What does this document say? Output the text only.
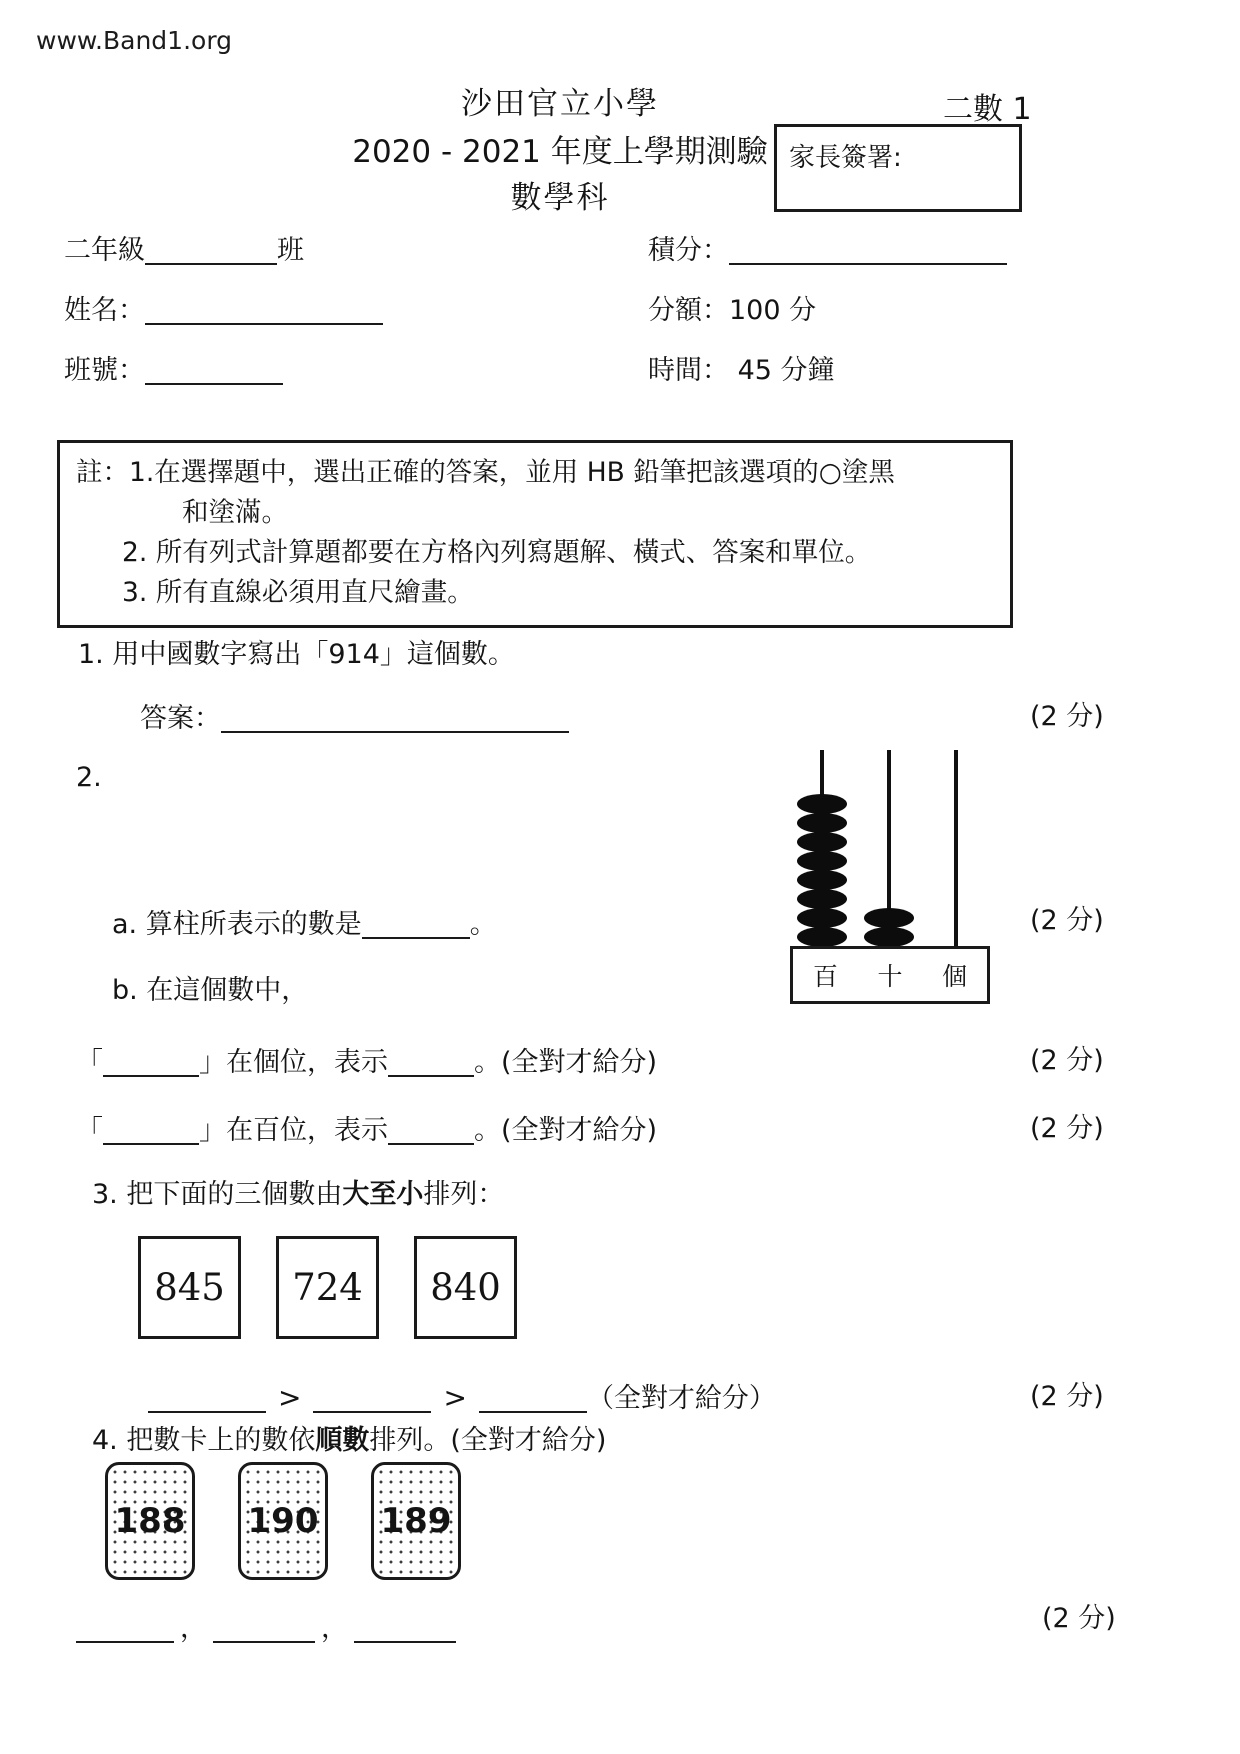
www.Band1.org
沙田官立小學
2020 - 2021 年度上學期測驗
數學科
二數 1
家長簽署:
二年級	班	積分：
姓名：	分額：100 分
班號：	時間： 45 分鐘
註：1.在選擇題中，選出正確的答案，並用 HB 鉛筆把該選項的○塗黑
和塗滿。
2. 所有列式計算題都要在方格內列寫題解、橫式、答案和單位。
3. 所有直線必須用直尺繪畫。
1. 用中國數字寫出「914」這個數。
答案：	(2 分)
2.
百 十 個
a. 算柱所表示的數是	。	(2 分)
b. 在這個數中，
「	」在個位，表示	。(全對才給分)	(2 分)
「	」在百位，表示	。(全對才給分)	(2 分)
3. 把下面的三個數由大至小排列：
845	724	840
>	>	（全對才給分）	(2 分)
4. 把數卡上的數依順數排列。(全對才給分)
188 190 189
，	，	(2 分)
